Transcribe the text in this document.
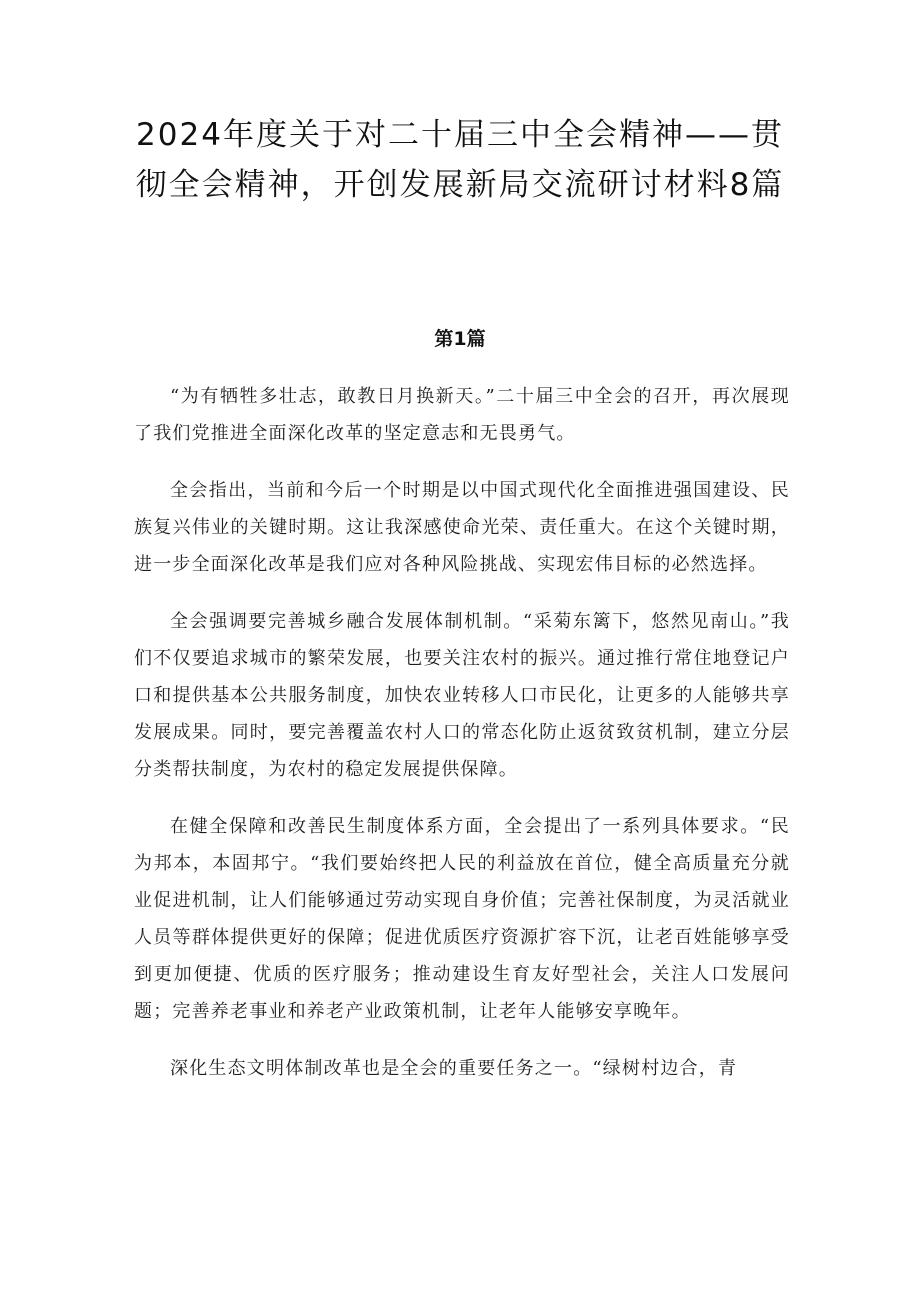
2024年度关于对二十届三中全会精神——贯彻全会精神，开创发展新局交流研讨材料8篇
第1篇

“为有牺牲多壮志，敢教日月换新天。”二十届三中全会的召开，再次展现了我们党推进全面深化改革的坚定意志和无畏勇气。

全会指出，当前和今后一个时期是以中国式现代化全面推进强国建设、民族复兴伟业的关键时期。这让我深感使命光荣、责任重大。在这个关键时期，进一步全面深化改革是我们应对各种风险挑战、实现宏伟目标的必然选择。

全会强调要完善城乡融合发展体制机制。“采菊东篱下，悠然见南山。”我们不仅要追求城市的繁荣发展，也要关注农村的振兴。通过推行常住地登记户口和提供基本公共服务制度，加快农业转移人口市民化，让更多的人能够共享发展成果。同时，要完善覆盖农村人口的常态化防止返贫致贫机制，建立分层分类帮扶制度，为农村的稳定发展提供保障。

在健全保障和改善民生制度体系方面，全会提出了一系列具体要求。“民为邦本，本固邦宁。“我们要始终把人民的利益放在首位，健全高质量充分就业促进机制，让人们能够通过劳动实现自身价值；完善社保制度，为灵活就业人员等群体提供更好的保障；促进优质医疗资源扩容下沉，让老百姓能够享受到更加便捷、优质的医疗服务；推动建设生育友好型社会，关注人口发展问题；完善养老事业和养老产业政策机制，让老年人能够安享晚年。

深化生态文明体制改革也是全会的重要任务之一。“绿树村边合，青
